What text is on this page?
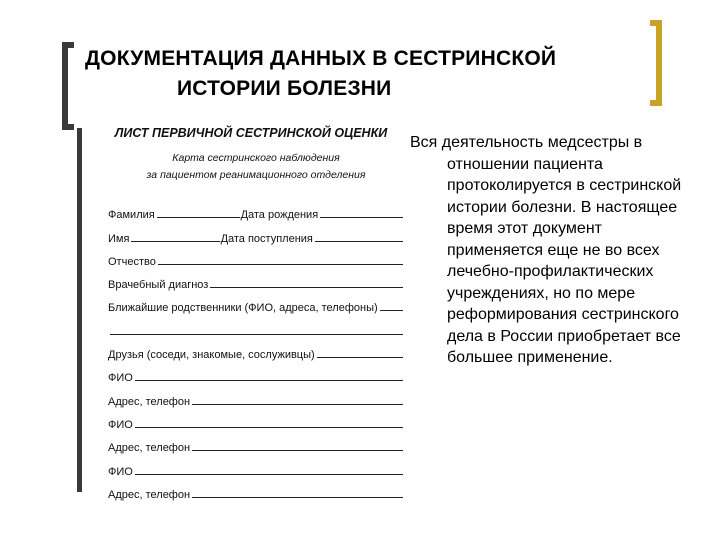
ДОКУМЕНТАЦИЯ ДАННЫХ В СЕСТРИНСКОЙ
ИСТОРИИ БОЛЕЗНИ
ЛИСТ ПЕРВИЧНОЙ СЕСТРИНСКОЙ ОЦЕНКИ
Карта сестринского наблюдения
за пациентом реанимационного отделения
Фамилия	Дата рождения
Имя	Дата поступления
Отчество
Врачебный диагноз
Ближайшие родственники (ФИО, адреса, телефоны)
Друзья (соседи, знакомые, сослуживцы)
ФИО
Адрес, телефон
ФИО
Адрес, телефон
ФИО
Адрес, телефон
Вся деятельность медсестры в
отношении пациента протоколируется в сестринской истории болезни. В настоящее время этот документ применяется еще не во всех лечебно-профилактических учреждениях, но по мере реформирования сестринского дела в России приобретает все большее применение.
